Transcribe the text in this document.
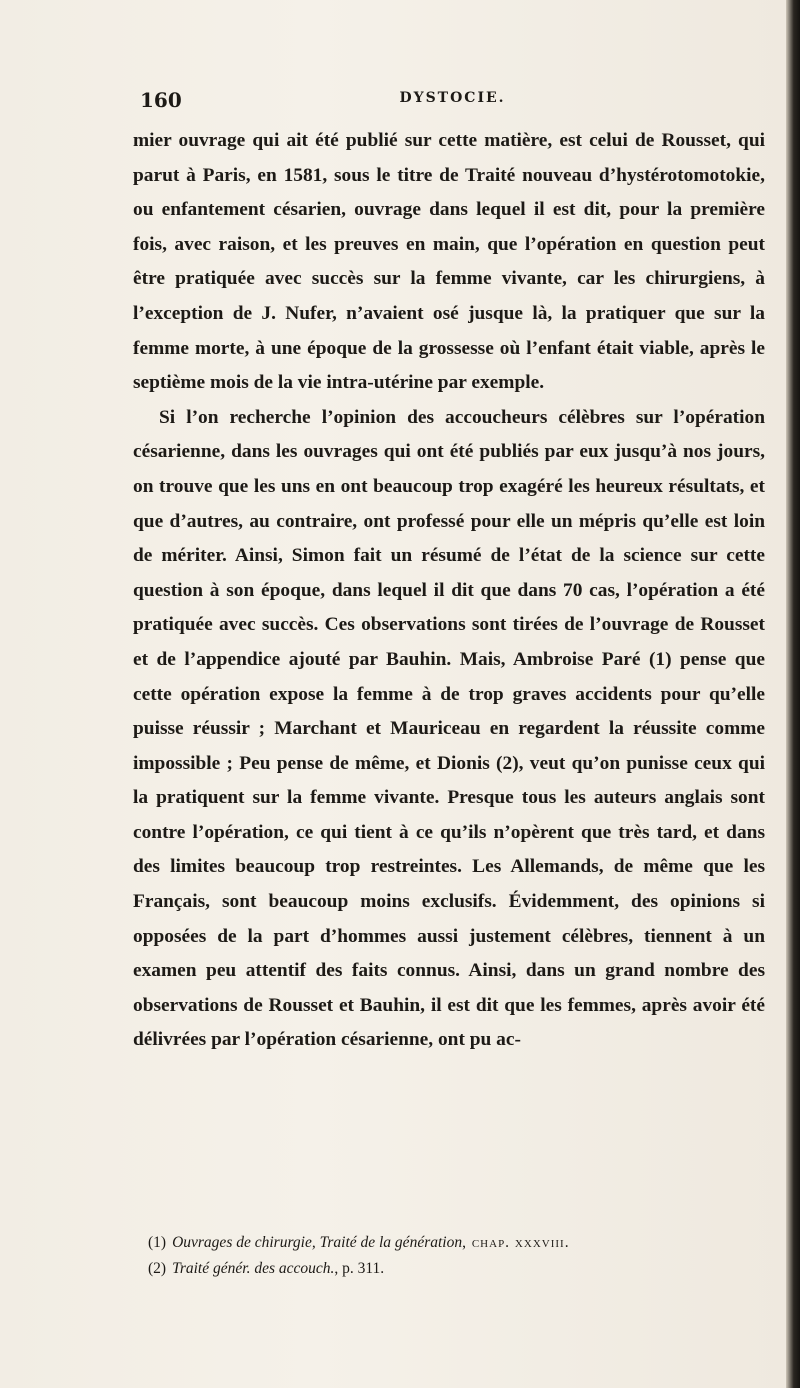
160	DYSTOCIE.

mier ouvrage qui ait été publié sur cette matière, est celui de Rousset, qui parut à Paris, en 1581, sous le titre de Traité nouveau d’hystérotomotokie, ou enfantement césarien, ouvrage dans lequel il est dit, pour la première fois, avec raison, et les preuves en main, que l’opération en question peut être pratiquée avec succès sur la femme vivante, car les chirurgiens, à l’exception de J. Nufer, n’avaient osé jusque là, la pratiquer que sur la femme morte, à une époque de la grossesse où l’enfant était viable, après le septième mois de la vie intra-utérine par exemple.

Si l’on recherche l’opinion des accoucheurs célèbres sur l’opération césarienne, dans les ouvrages qui ont été publiés par eux jusqu’à nos jours, on trouve que les uns en ont beaucoup trop exagéré les heureux résultats, et que d’autres, au contraire, ont professé pour elle un mépris qu’elle est loin de mériter. Ainsi, Simon fait un résumé de l’état de la science sur cette question à son époque, dans lequel il dit que dans 70 cas, l’opération a été pratiquée avec succès. Ces observations sont tirées de l’ouvrage de Rousset et de l’appendice ajouté par Bauhin. Mais, Ambroise Paré (1) pense que cette opération expose la femme à de trop graves accidents pour qu’elle puisse réussir ; Marchant et Mauriceau en regardent la réussite comme impossible ; Peu pense de même, et Dionis (2), veut qu’on punisse ceux qui la pratiquent sur la femme vivante. Presque tous les auteurs anglais sont contre l’opération, ce qui tient à ce qu’ils n’opèrent que très tard, et dans des limites beaucoup trop restreintes. Les Allemands, de même que les Français, sont beaucoup moins exclusifs. Évidemment, des opinions si opposées de la part d’hommes aussi justement célèbres, tiennent à un examen peu attentif des faits connus. Ainsi, dans un grand nombre des observations de Rousset et Bauhin, il est dit que les femmes, après avoir été délivrées par l’opération césarienne, ont pu ac-

(1) Ouvrages de chirurgie, Traité de la génération, chap. xxxviii.

(2) Traité génér. des accouch., p. 311.
